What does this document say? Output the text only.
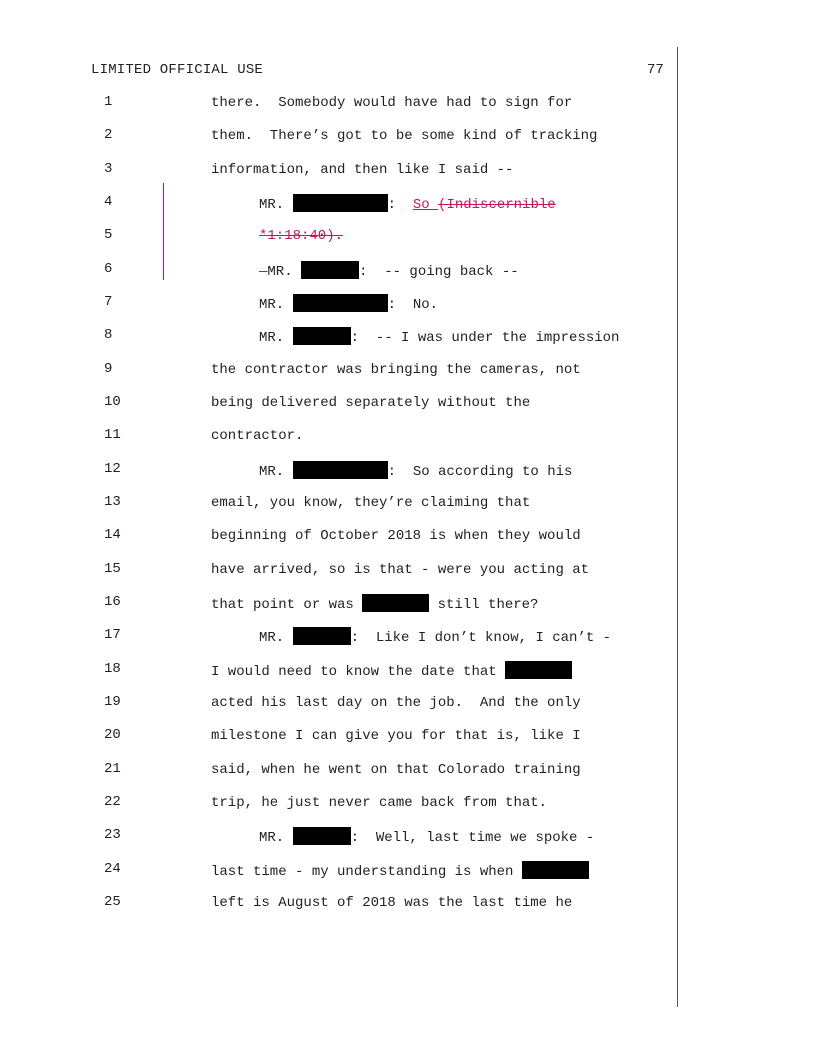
LIMITED OFFICIAL USE	77
1	there.  Somebody would have had to sign for
2	them.  There’s got to be some kind of tracking
3	information, and then like I said --
4	MR.	:  So (Indiscernible
5	*1:18:40).
6	—MR.	:  -- going back --
7	MR.	:  No.
8	MR.	:  -- I was under the impression
9	the contractor was bringing the cameras, not
10	being delivered separately without the
11	contractor.
12	MR.	:  So according to his
13	email, you know, they’re claiming that
14	beginning of October 2018 is when they would
15	have arrived, so is that - were you acting at
16	that point or was	still there?
17	MR.	:  Like I don’t know, I can’t -
18	I would need to know the date that
19	acted his last day on the job.  And the only
20	milestone I can give you for that is, like I
21	said, when he went on that Colorado training
22	trip, he just never came back from that.
23	MR.	:  Well, last time we spoke -
24	last time - my understanding is when
25	left is August of 2018 was the last time he
